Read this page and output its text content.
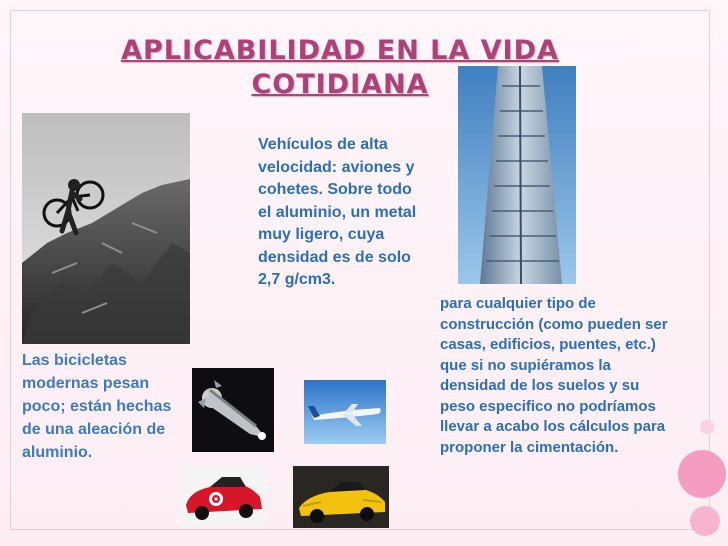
APLICABILIDAD EN LA VIDA
COTIDIANA
Vehículos de alta velocidad: aviones y cohetes. Sobre todo el aluminio, un metal muy ligero, cuya densidad es de solo 2,7 g/cm3.
para cualquier tipo de construcción (como pueden ser casas, edificios, puentes, etc.) que si no supiéramos la densidad de los suelos y su peso especifico no podríamos llevar a acabo los cálculos para proponer la cimentación.
Las bicicletas modernas pesan poco; están hechas de una aleación de aluminio.
